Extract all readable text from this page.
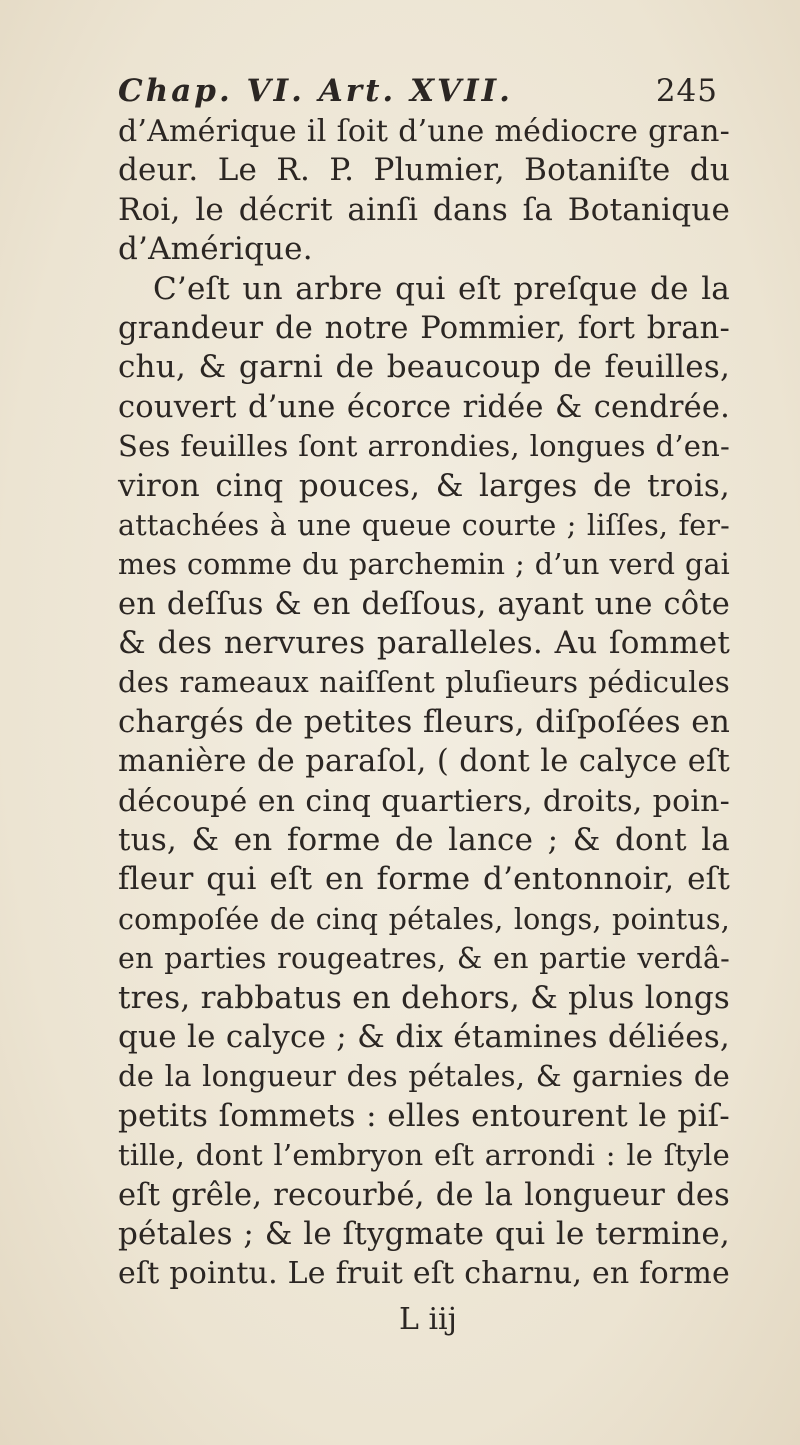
Chap. VI. Art. XVII.	245
d’Amérique il ſoit d’une médiocre gran-
deur. Le R. P. Plumier, Botaniſte du
Roi, le décrit ainſi dans ſa Botanique
d’Amérique.
C’eſt un arbre qui eſt preſque de la
grandeur de notre Pommier, fort bran-
chu, & garni de beaucoup de feuilles,
couvert d’une écorce ridée & cendrée.
Ses feuilles ſont arrondies, longues d’en-
viron cinq pouces, & larges de trois,
attachées à une queue courte ; liſſes, fer-
mes comme du parchemin ; d’un verd gai
en deſſus & en deſſous, ayant une côte
& des nervures paralleles. Au ſommet
des rameaux naiſſent pluſieurs pédicules
chargés de petites fleurs, diſpoſées en
manière de paraſol, ( dont le calyce eſt
découpé en cinq quartiers, droits, poin-
tus, & en forme de lance ; & dont la
fleur qui eſt en forme d’entonnoir, eſt
compoſée de cinq pétales, longs, pointus,
en parties rougeatres, & en partie verdâ-
tres, rabbatus en dehors, & plus longs
que le calyce ; & dix étamines déliées,
de la longueur des pétales, & garnies de
petits ſommets : elles entourent le piſ-
tille, dont l’embryon eſt arrondi : le ſtyle
eſt grêle, recourbé, de la longueur des
pétales ; & le ſtygmate qui le termine,
eſt pointu. Le fruit eſt charnu, en forme
L iij
